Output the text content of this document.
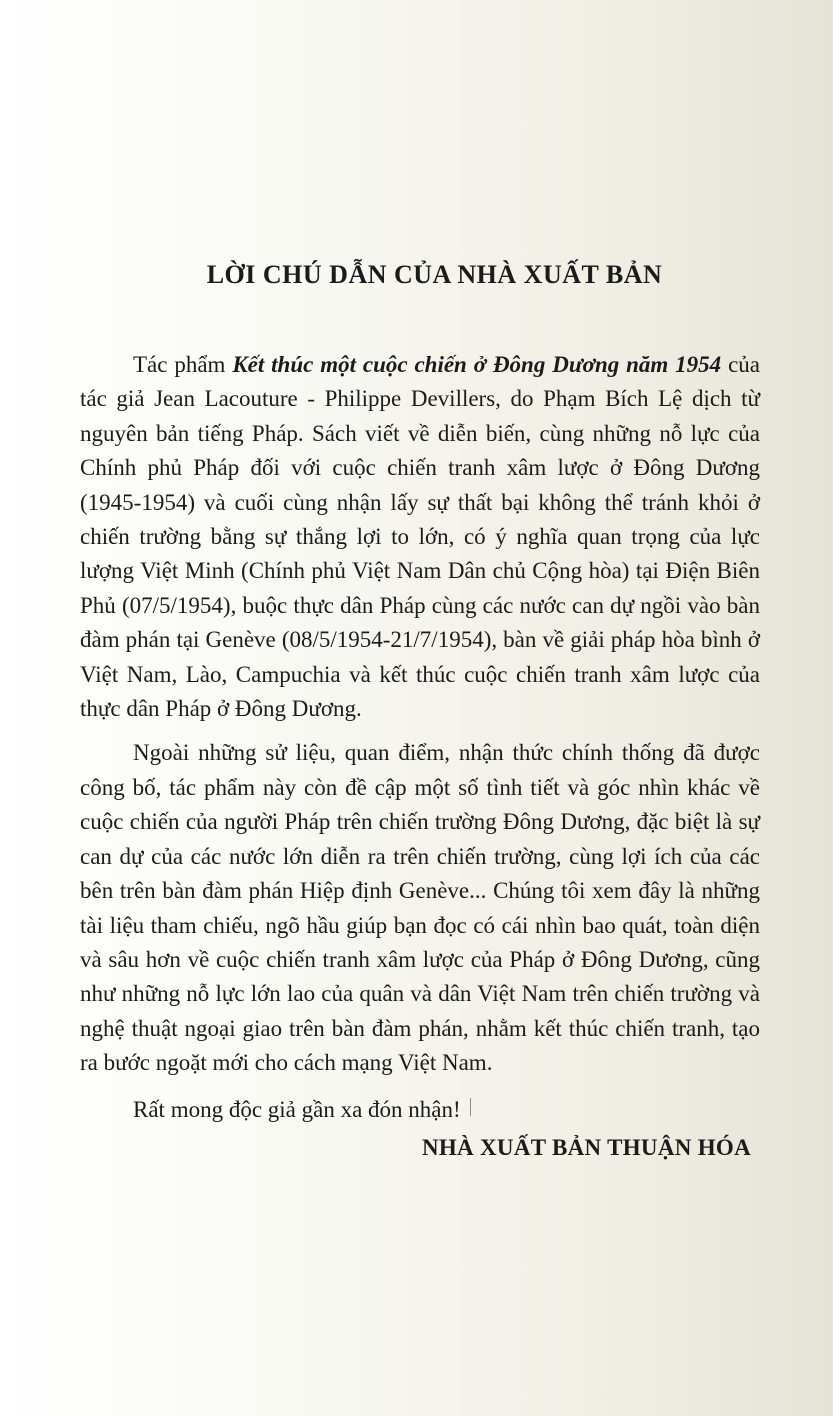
LỜI CHÚ DẪN CỦA NHÀ XUẤT BẢN

Tác phẩm Kết thúc một cuộc chiến ở Đông Dương năm 1954 của tác giả Jean Lacouture - Philippe Devillers, do Phạm Bích Lệ dịch từ nguyên bản tiếng Pháp. Sách viết về diễn biến, cùng những nỗ lực của Chính phủ Pháp đối với cuộc chiến tranh xâm lược ở Đông Dương (1945-1954) và cuối cùng nhận lấy sự thất bại không thể tránh khỏi ở chiến trường bằng sự thắng lợi to lớn, có ý nghĩa quan trọng của lực lượng Việt Minh (Chính phủ Việt Nam Dân chủ Cộng hòa) tại Điện Biên Phủ (07/5/1954), buộc thực dân Pháp cùng các nước can dự ngồi vào bàn đàm phán tại Genève (08/5/1954-21/7/1954), bàn về giải pháp hòa bình ở Việt Nam, Lào, Campuchia và kết thúc cuộc chiến tranh xâm lược của thực dân Pháp ở Đông Dương.

Ngoài những sử liệu, quan điểm, nhận thức chính thống đã được công bố, tác phẩm này còn đề cập một số tình tiết và góc nhìn khác về cuộc chiến của người Pháp trên chiến trường Đông Dương, đặc biệt là sự can dự của các nước lớn diễn ra trên chiến trường, cùng lợi ích của các bên trên bàn đàm phán Hiệp định Genève... Chúng tôi xem đây là những tài liệu tham chiếu, ngõ hầu giúp bạn đọc có cái nhìn bao quát, toàn diện và sâu hơn về cuộc chiến tranh xâm lược của Pháp ở Đông Dương, cũng như những nỗ lực lớn lao của quân và dân Việt Nam trên chiến trường và nghệ thuật ngoại giao trên bàn đàm phán, nhằm kết thúc chiến tranh, tạo ra bước ngoặt mới cho cách mạng Việt Nam.

Rất mong độc giả gần xa đón nhận!
NHÀ XUẤT BẢN THUẬN HÓA
